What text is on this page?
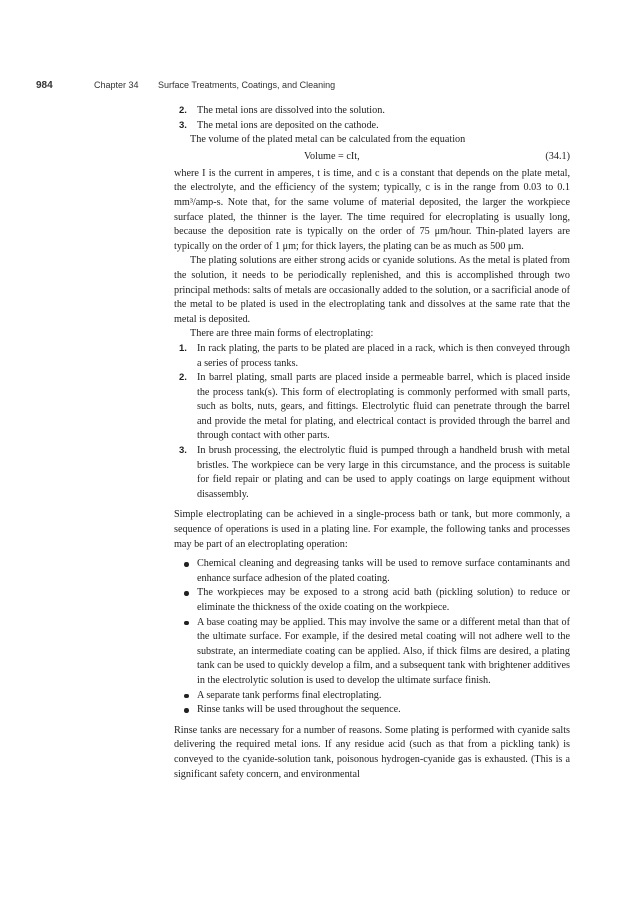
984	Chapter 34 Surface Treatments, Coatings, and Cleaning
2. The metal ions are dissolved into the solution.
3. The metal ions are deposited on the cathode.

The volume of the plated metal can be calculated from the equation

Volume = cIt,	(34.1)

where I is the current in amperes, t is time, and c is a constant that depends on the plate metal, the electrolyte, and the efficiency of the system; typically, c is in the range from 0.03 to 0.1 mm³/amp-s. Note that, for the same volume of material deposited, the larger the workpiece surface plated, the thinner is the layer. The time required for elecroplating is usually long, because the deposition rate is typically on the order of 75 μm/hour. Thin-plated layers are typically on the order of 1 μm; for thick layers, the plating can be as much as 500 μm.

The plating solutions are either strong acids or cyanide solutions. As the metal is plated from the solution, it needs to be periodically replenished, and this is accomplished through two principal methods: salts of metals are occasionally added to the solution, or a sacrificial anode of the metal to be plated is used in the electroplating tank and dissolves at the same rate that the metal is deposited.

There are three main forms of electroplating:

1. In rack plating, the parts to be plated are placed in a rack, which is then conveyed through a series of process tanks.
2. In barrel plating, small parts are placed inside a permeable barrel, which is placed inside the process tank(s). This form of electroplating is commonly performed with small parts, such as bolts, nuts, gears, and fittings. Electrolytic fluid can penetrate through the barrel and provide the metal for plating, and electrical contact is provided through the barrel and through contact with other parts.
3. In brush processing, the electrolytic fluid is pumped through a handheld brush with metal bristles. The workpiece can be very large in this circumstance, and the process is suitable for field repair or plating and can be used to apply coatings on large equipment without disassembly.

Simple electroplating can be achieved in a single-process bath or tank, but more commonly, a sequence of operations is used in a plating line. For example, the following tanks and processes may be part of an electroplating operation:

Chemical cleaning and degreasing tanks will be used to remove surface contaminants and enhance surface adhesion of the plated coating.
The workpieces may be exposed to a strong acid bath (pickling solution) to reduce or eliminate the thickness of the oxide coating on the workpiece.
A base coating may be applied. This may involve the same or a different metal than that of the ultimate surface. For example, if the desired metal coating will not adhere well to the substrate, an intermediate coating can be applied. Also, if thick films are desired, a plating tank can be used to quickly develop a film, and a subsequent tank with brightener additives in the electrolytic solution is used to develop the ultimate surface finish.
A separate tank performs final electroplating.
Rinse tanks will be used throughout the sequence.

Rinse tanks are necessary for a number of reasons. Some plating is performed with cyanide salts delivering the required metal ions. If any residue acid (such as that from a pickling tank) is conveyed to the cyanide-solution tank, poisonous hydrogen-cyanide gas is exhausted. (This is a significant safety concern, and environmental
